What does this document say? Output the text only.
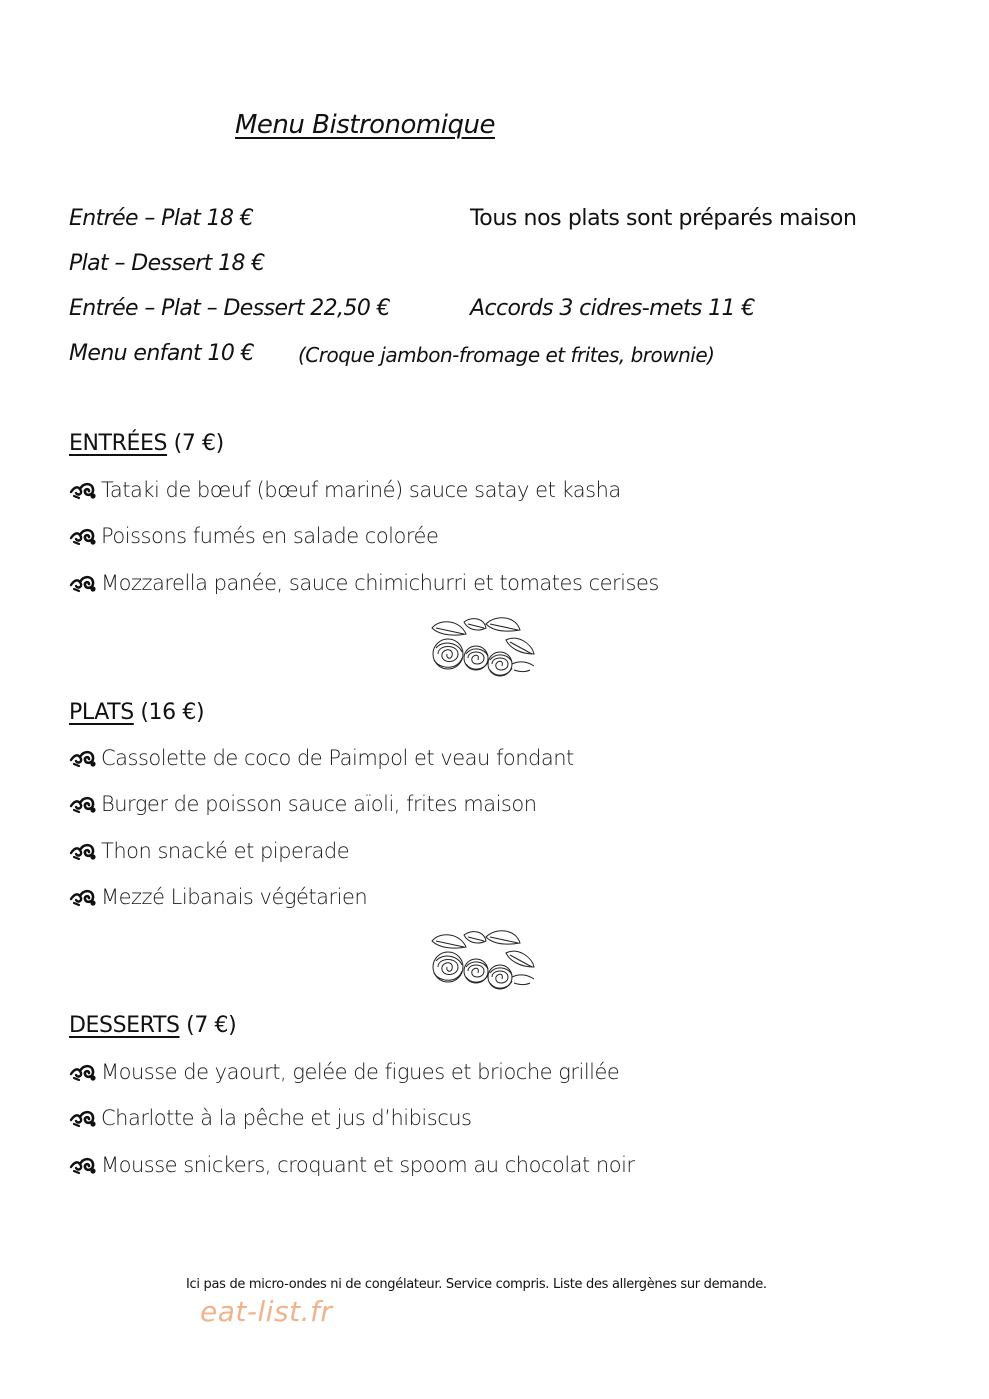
Menu Bistronomique
Entrée – Plat 18 €	Tous nos plats sont préparés maison
Plat – Dessert 18 €
Entrée – Plat – Dessert 22,50 €	Accords 3 cidres-mets 11 €
Menu enfant 10 € (Croque jambon-fromage et frites, brownie)
ENTRÉES (7 €)
Tataki de bœuf (bœuf mariné) sauce satay et kasha
Poissons fumés en salade colorée
Mozzarella panée, sauce chimichurri et tomates cerises
PLATS (16 €)
Cassolette de coco de Paimpol et veau fondant
Burger de poisson sauce aïoli, frites maison
Thon snacké et piperade
Mezzé Libanais végétarien
DESSERTS (7 €)
Mousse de yaourt, gelée de figues et brioche grillée
Charlotte à la pêche et jus d’hibiscus
Mousse snickers, croquant et spoom au chocolat noir
Ici pas de micro-ondes ni de congélateur. Service compris. Liste des allergènes sur demande.
eat-list.fr
